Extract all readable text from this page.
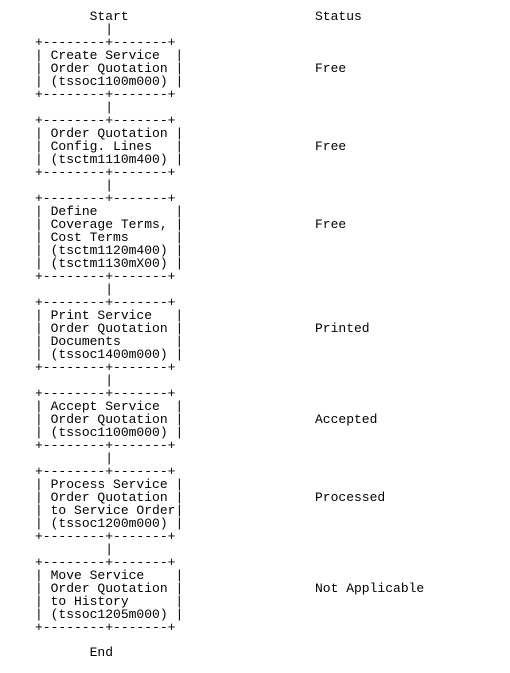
Start	Status
End
|
+--------+-------+
| Create Service  |
| Order Quotation |
| (tssoc1100m000) |
+--------+-------+
Free
|
+--------+-------+
| Order Quotation |
| Config. Lines   |
| (tsctm1110m400) |
+--------+-------+
Free
|
+--------+-------+
| Define          |
| Coverage Terms, |
| Cost Terms      |
| (tsctm1120m400) |
| (tsctm1130mX00) |
+--------+-------+
Free
|
+--------+-------+
| Print Service   |
| Order Quotation |
| Documents       |
| (tssoc1400m000) |
+--------+-------+
Printed
|
+--------+-------+
| Accept Service  |
| Order Quotation |
| (tssoc1100m000) |
+--------+-------+
Accepted
|
+--------+-------+
| Process Service |
| Order Quotation |
| to Service Order|
| (tssoc1200m000) |
+--------+-------+
Processed
|
+--------+-------+
| Move Service    |
| Order Quotation |
| to History      |
| (tssoc1205m000) |
+--------+-------+
Not Applicable
